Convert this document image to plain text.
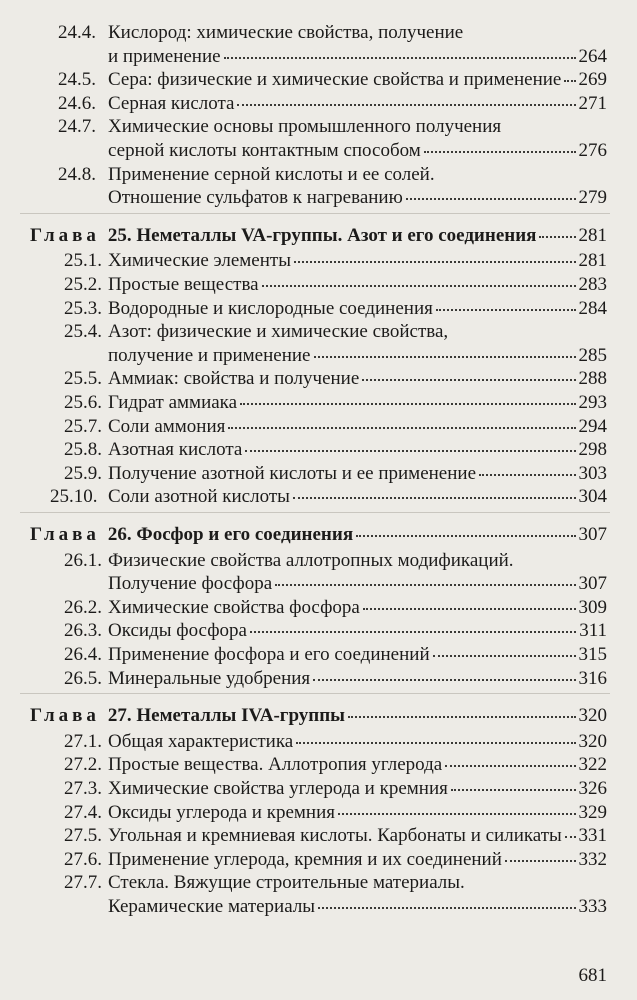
24.4. Кислород: химические свойства, получение
и применение	264
24.5. Сера: физические и химические свойства и применение 269
24.6. Серная кислота	271
24.7. Химические основы промышленного получения
серной кислоты контактным способом	276
24.8. Применение серной кислоты и ее солей.
Отношение сульфатов к нагреванию	279
Глава 25. Неметаллы VA-группы. Азот и его соединения 281
25.1. Химические элементы	281
25.2. Простые вещества	283
25.3. Водородные и кислородные соединения	284
25.4. Азот: физические и химические свойства,
получение и применение	285
25.5. Аммиак: свойства и получение	288
25.6. Гидрат аммиака	293
25.7. Соли аммония	294
25.8. Азотная кислота	298
25.9. Получение азотной кислоты и ее применение	303
25.10. Соли азотной кислоты	304
Глава 26. Фосфор и его соединения	307
26.1. Физические свойства аллотропных модификаций.
Получение фосфора	307
26.2. Химические свойства фосфора	309
26.3. Оксиды фосфора	311
26.4. Применение фосфора и его соединений	315
26.5. Минеральные удобрения	316
Глава 27. Неметаллы IVA-группы	320
27.1. Общая характеристика	320
27.2. Простые вещества. Аллотропия углерода	322
27.3. Химические свойства углерода и кремния	326
27.4. Оксиды углерода и кремния	329
27.5. Угольная и кремниевая кислоты. Карбонаты и силикаты 331
27.6. Применение углерода, кремния и их соединений	332
27.7. Стекла. Вяжущие строительные материалы.
Керамические материалы	333
681
